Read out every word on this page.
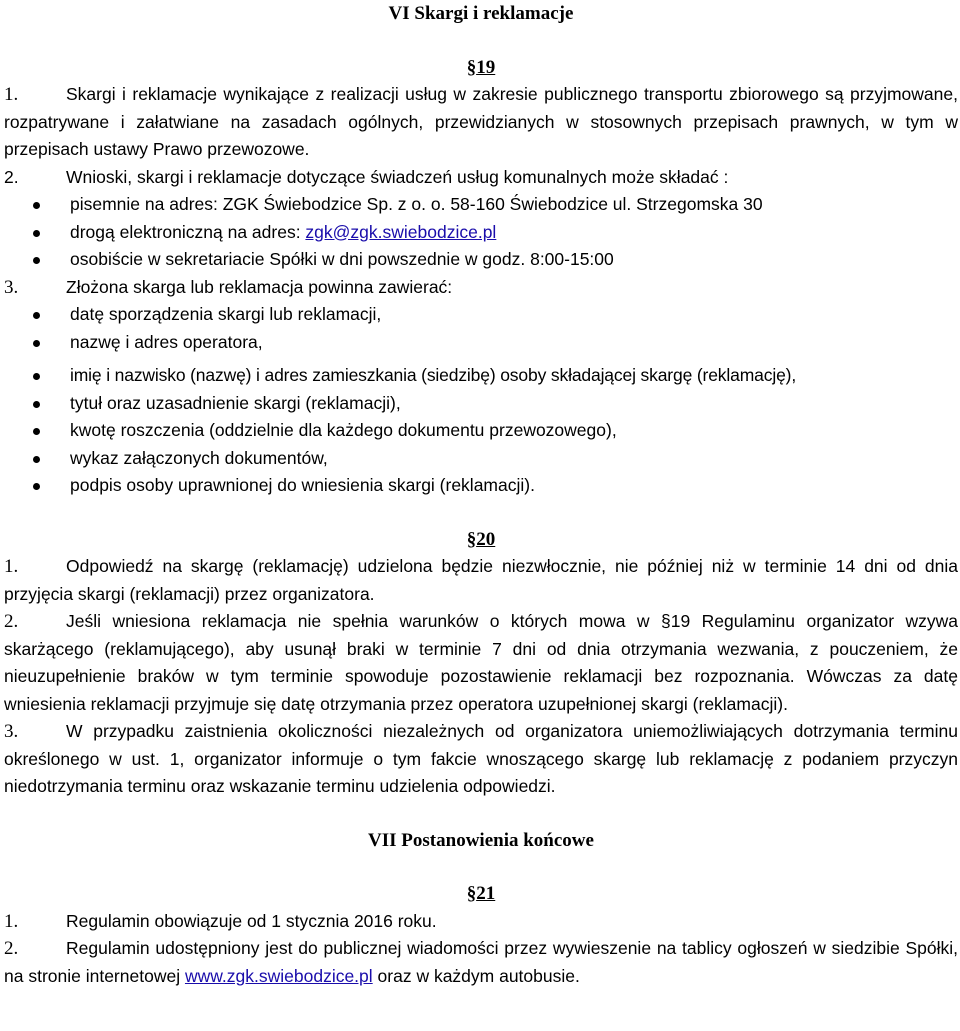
VI Skargi i reklamacje
§19

1.	Skargi i reklamacje wynikające z realizacji usług w zakresie publicznego transportu zbiorowego są przyjmowane, rozpatrywane i załatwiane na zasadach ogólnych, przewidzianych w stosownych przepisach prawnych, w tym w przepisach ustawy Prawo przewozowe.

2.	Wnioski, skargi i reklamacje dotyczące świadczeń usług komunalnych może składać :

pisemnie na adres: ZGK Świebodzice Sp. z o. o. 58-160 Świebodzice ul. Strzegomska 30
drogą elektroniczną na adres: zgk@zgk.swiebodzice.pl
osobiście w sekretariacie Spółki w dni powszednie w godz. 8:00-15:00

3.	Złożona skarga lub reklamacja powinna zawierać:

datę sporządzenia skargi lub reklamacji,
nazwę i adres operatora,
imię i nazwisko (nazwę) i adres zamieszkania (siedzibę) osoby składającej skargę (reklamację),
tytuł oraz uzasadnienie skargi (reklamacji),
kwotę roszczenia (oddzielnie dla każdego dokumentu przewozowego),
wykaz załączonych dokumentów,
podpis osoby uprawnionej do wniesienia skargi (reklamacji).
§20

1.	Odpowiedź na skargę (reklamację) udzielona będzie niezwłocznie, nie później niż w terminie 14 dni od dnia przyjęcia skargi (reklamacji) przez organizatora.

2.	Jeśli wniesiona reklamacja nie spełnia warunków o których mowa w §19 Regulaminu organizator wzywa skarżącego (reklamującego), aby usunął braki w terminie 7 dni od dnia otrzymania wezwania, z pouczeniem, że nieuzupełnienie braków w tym terminie spowoduje pozostawienie reklamacji bez rozpoznania. Wówczas za datę wniesienia reklamacji przyjmuje się datę otrzymania przez operatora uzupełnionej skargi (reklamacji).

3.	W przypadku zaistnienia okoliczności niezależnych od organizatora uniemożliwiających dotrzymania terminu określonego w ust. 1, organizator informuje o tym fakcie wnoszącego skargę lub reklamację z podaniem przyczyn niedotrzymania terminu oraz wskazanie terminu udzielenia odpowiedzi.

VII Postanowienia końcowe
§21

1.	Regulamin obowiązuje od 1 stycznia 2016 roku.

2.	Regulamin udostępniony jest do publicznej wiadomości przez wywieszenie na tablicy ogłoszeń w siedzibie Spółki, na stronie internetowej www.zgk.swiebodzice.pl oraz w każdym autobusie.
